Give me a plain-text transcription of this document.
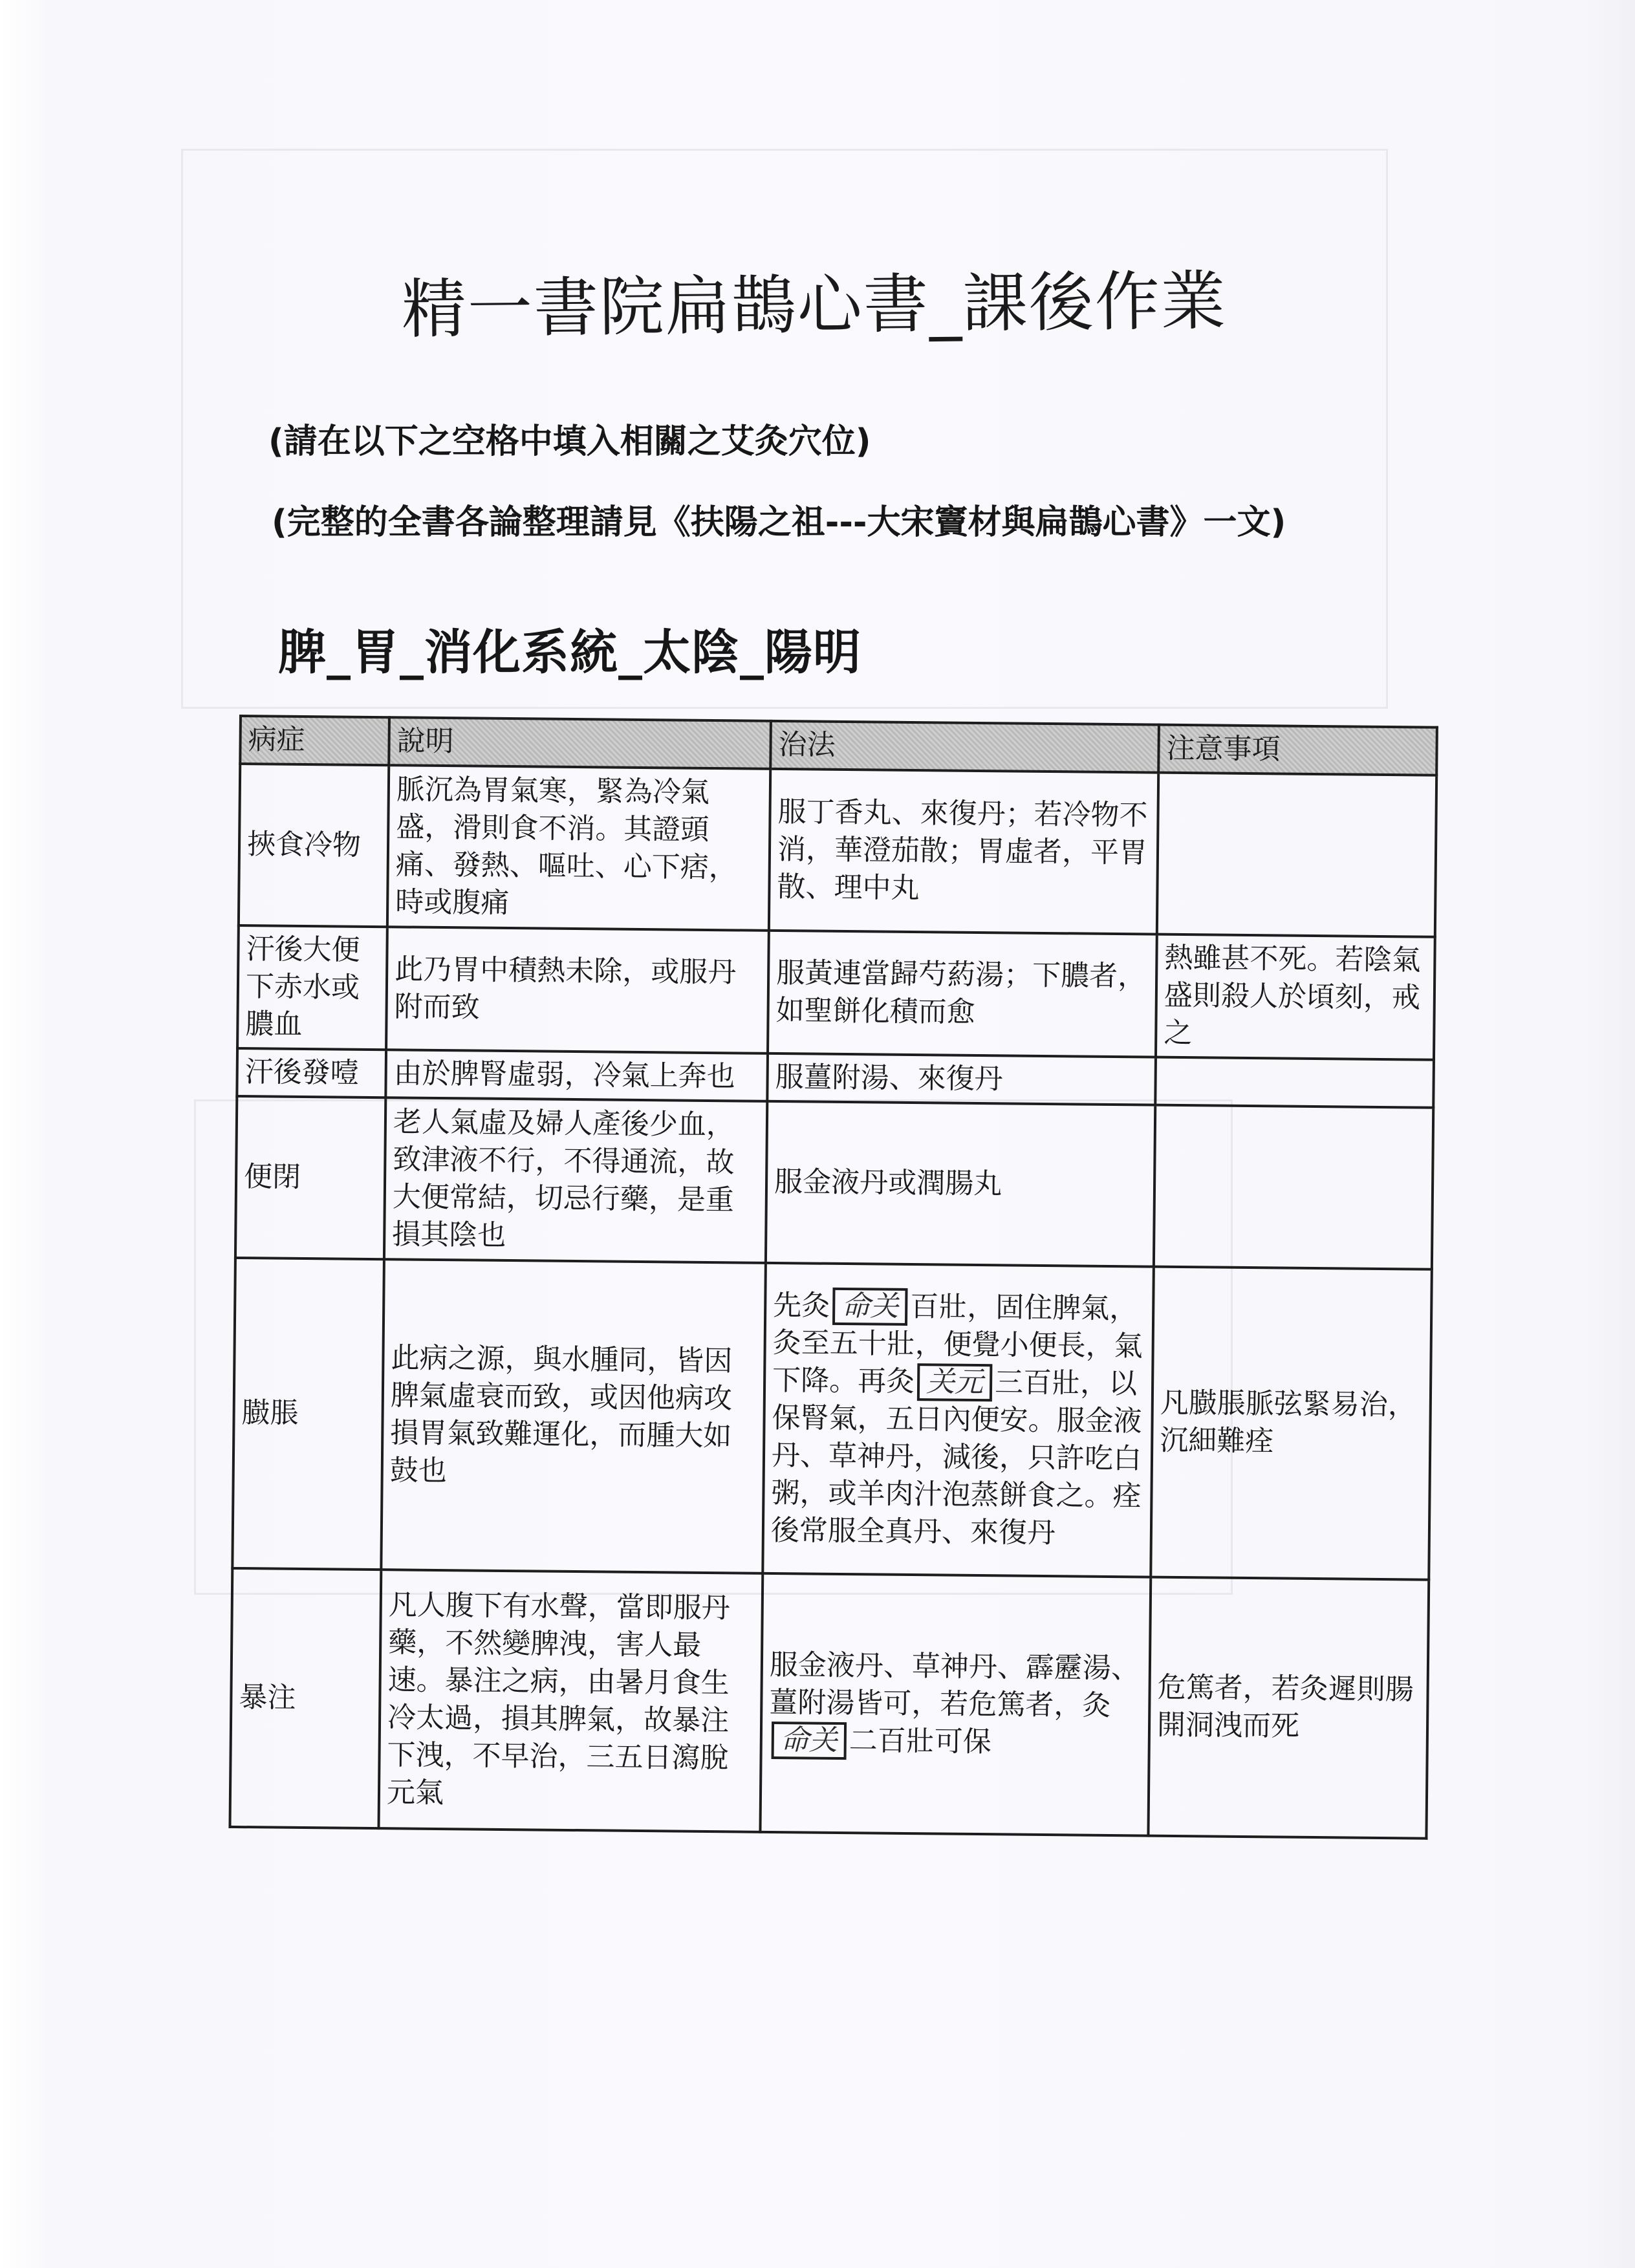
精一書院扁鵲心書_課後作業
(請在以下之空格中填入相關之艾灸穴位)
(完整的全書各論整理請見《扶陽之祖---大宋竇材與扁鵲心書》一文)
脾_胃_消化系統_太陰_陽明
病症	說明	治法	注意事項
挾食冷物	脈沉為胃氣寒，緊為冷氣盛，滑則食不消。其證頭痛、發熱、嘔吐、心下痞，時或腹痛	服丁香丸、來復丹；若冷物不消，華澄茄散；胃虛者，平胃散、理中丸	
汗後大便下赤水或膿血	此乃胃中積熱未除，或服丹附而致	服黃連當歸芍葯湯；下膿者，如聖餅化積而愈	熱雖甚不死。若陰氣盛則殺人於頃刻，戒之
汗後發噎	由於脾腎虛弱，冷氣上奔也	服薑附湯、來復丹	
便閉	老人氣虛及婦人產後少血，致津液不行，不得通流，故大便常結，切忌行藥，是重損其陰也	服金液丹或潤腸丸	
臌脹	此病之源，與水腫同，皆因脾氣虛衰而致，或因他病攻損胃氣致難運化，而腫大如鼓也	先灸 命关 百壯，固住脾氣，灸至五十壯，便覺小便長，氣下降。再灸 关元 三百壯，以保腎氣，五日內便安。服金液丹、草神丹，減後，只許吃白粥，或羊肉汁泡蒸餅食之。痊後常服全真丹、來復丹	凡臌脹脈弦緊易治，沉細難痊
暴注	凡人腹下有水聲，當即服丹藥，不然變脾洩，害人最速。暴注之病，由暑月食生冷太過，損其脾氣，故暴注下洩，不早治，三五日瀉脫元氣	服金液丹、草神丹、霹靂湯、薑附湯皆可，若危篤者，灸命关 二百壯可保	危篤者，若灸遲則腸開洞洩而死
